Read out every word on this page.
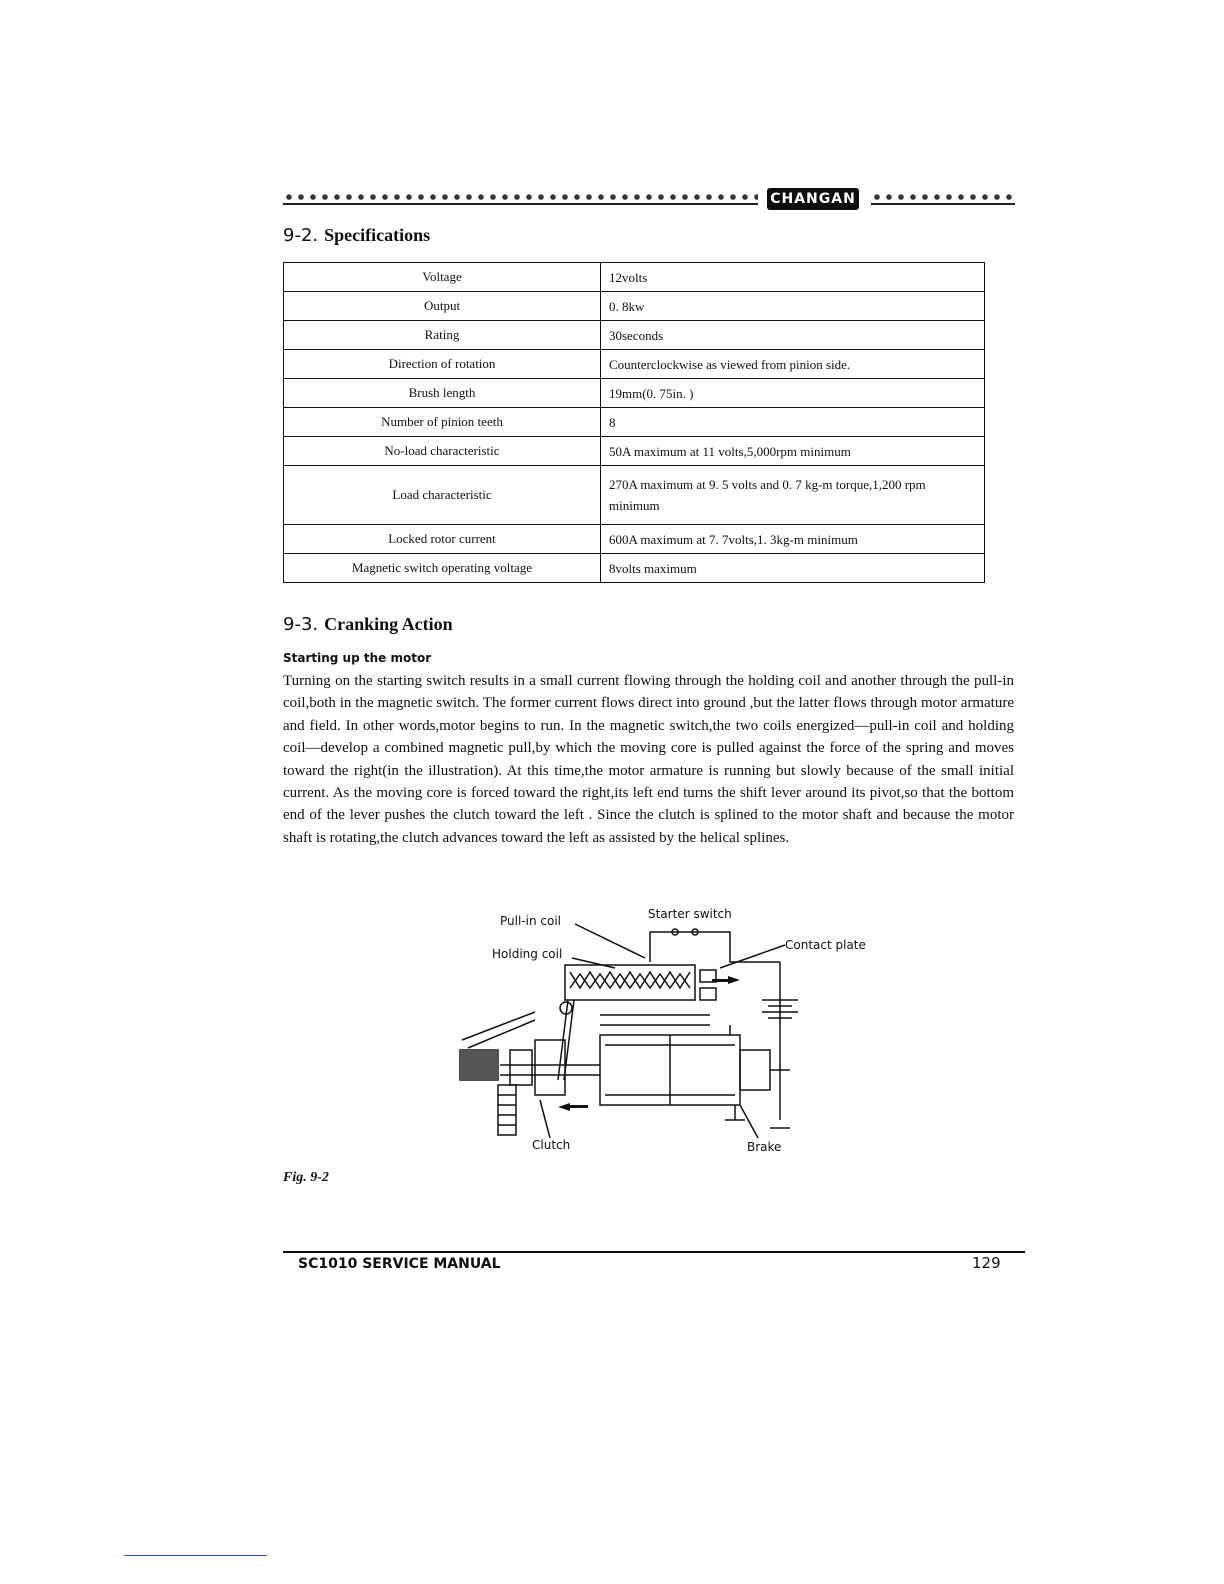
CHANGAN
9-2. Specifications
Voltage	12volts
Output	0. 8kw
Rating	30seconds
Direction of rotation	Counterclockwise as viewed from pinion side.
Brush length	19mm(0. 75in. )
Number of pinion teeth	8
No-load characteristic	50A maximum at 11 volts,5,000rpm minimum
Load characteristic	270A maximum at 9. 5 volts and 0. 7 kg-m torque,1,200 rpm minimum
Locked rotor current	600A maximum at 7. 7volts,1. 3kg-m minimum
Magnetic switch operating voltage	8volts maximum
9-3. Cranking Action
Starting up the motor

Turning on the starting switch results in a small current flowing through the holding coil and another through the pull-in coil,both in the magnetic switch. The former current flows direct into ground ,but the latter flows through motor armature and field. In other words,motor begins to run. In the magnetic switch,the two coils energized—pull-in coil and holding coil—develop a combined magnetic pull,by which the moving core is pulled against the force of the spring and moves toward the right(in the illustration). At this time,the motor armature is running but slowly because of the small initial current. As the moving core is forced toward the right,its left end turns the shift lever around its pivot,so that the bottom end of the lever pushes the clutch toward the left . Since the clutch is splined to the motor shaft and because the motor shaft is rotating,the clutch advances toward the left as assisted by the helical splines.

Pull-in coil
Holding coil
Starter switch
Contact plate
Clutch	Brake
Fig. 9-2
SC1010 SERVICE MANUAL	129
